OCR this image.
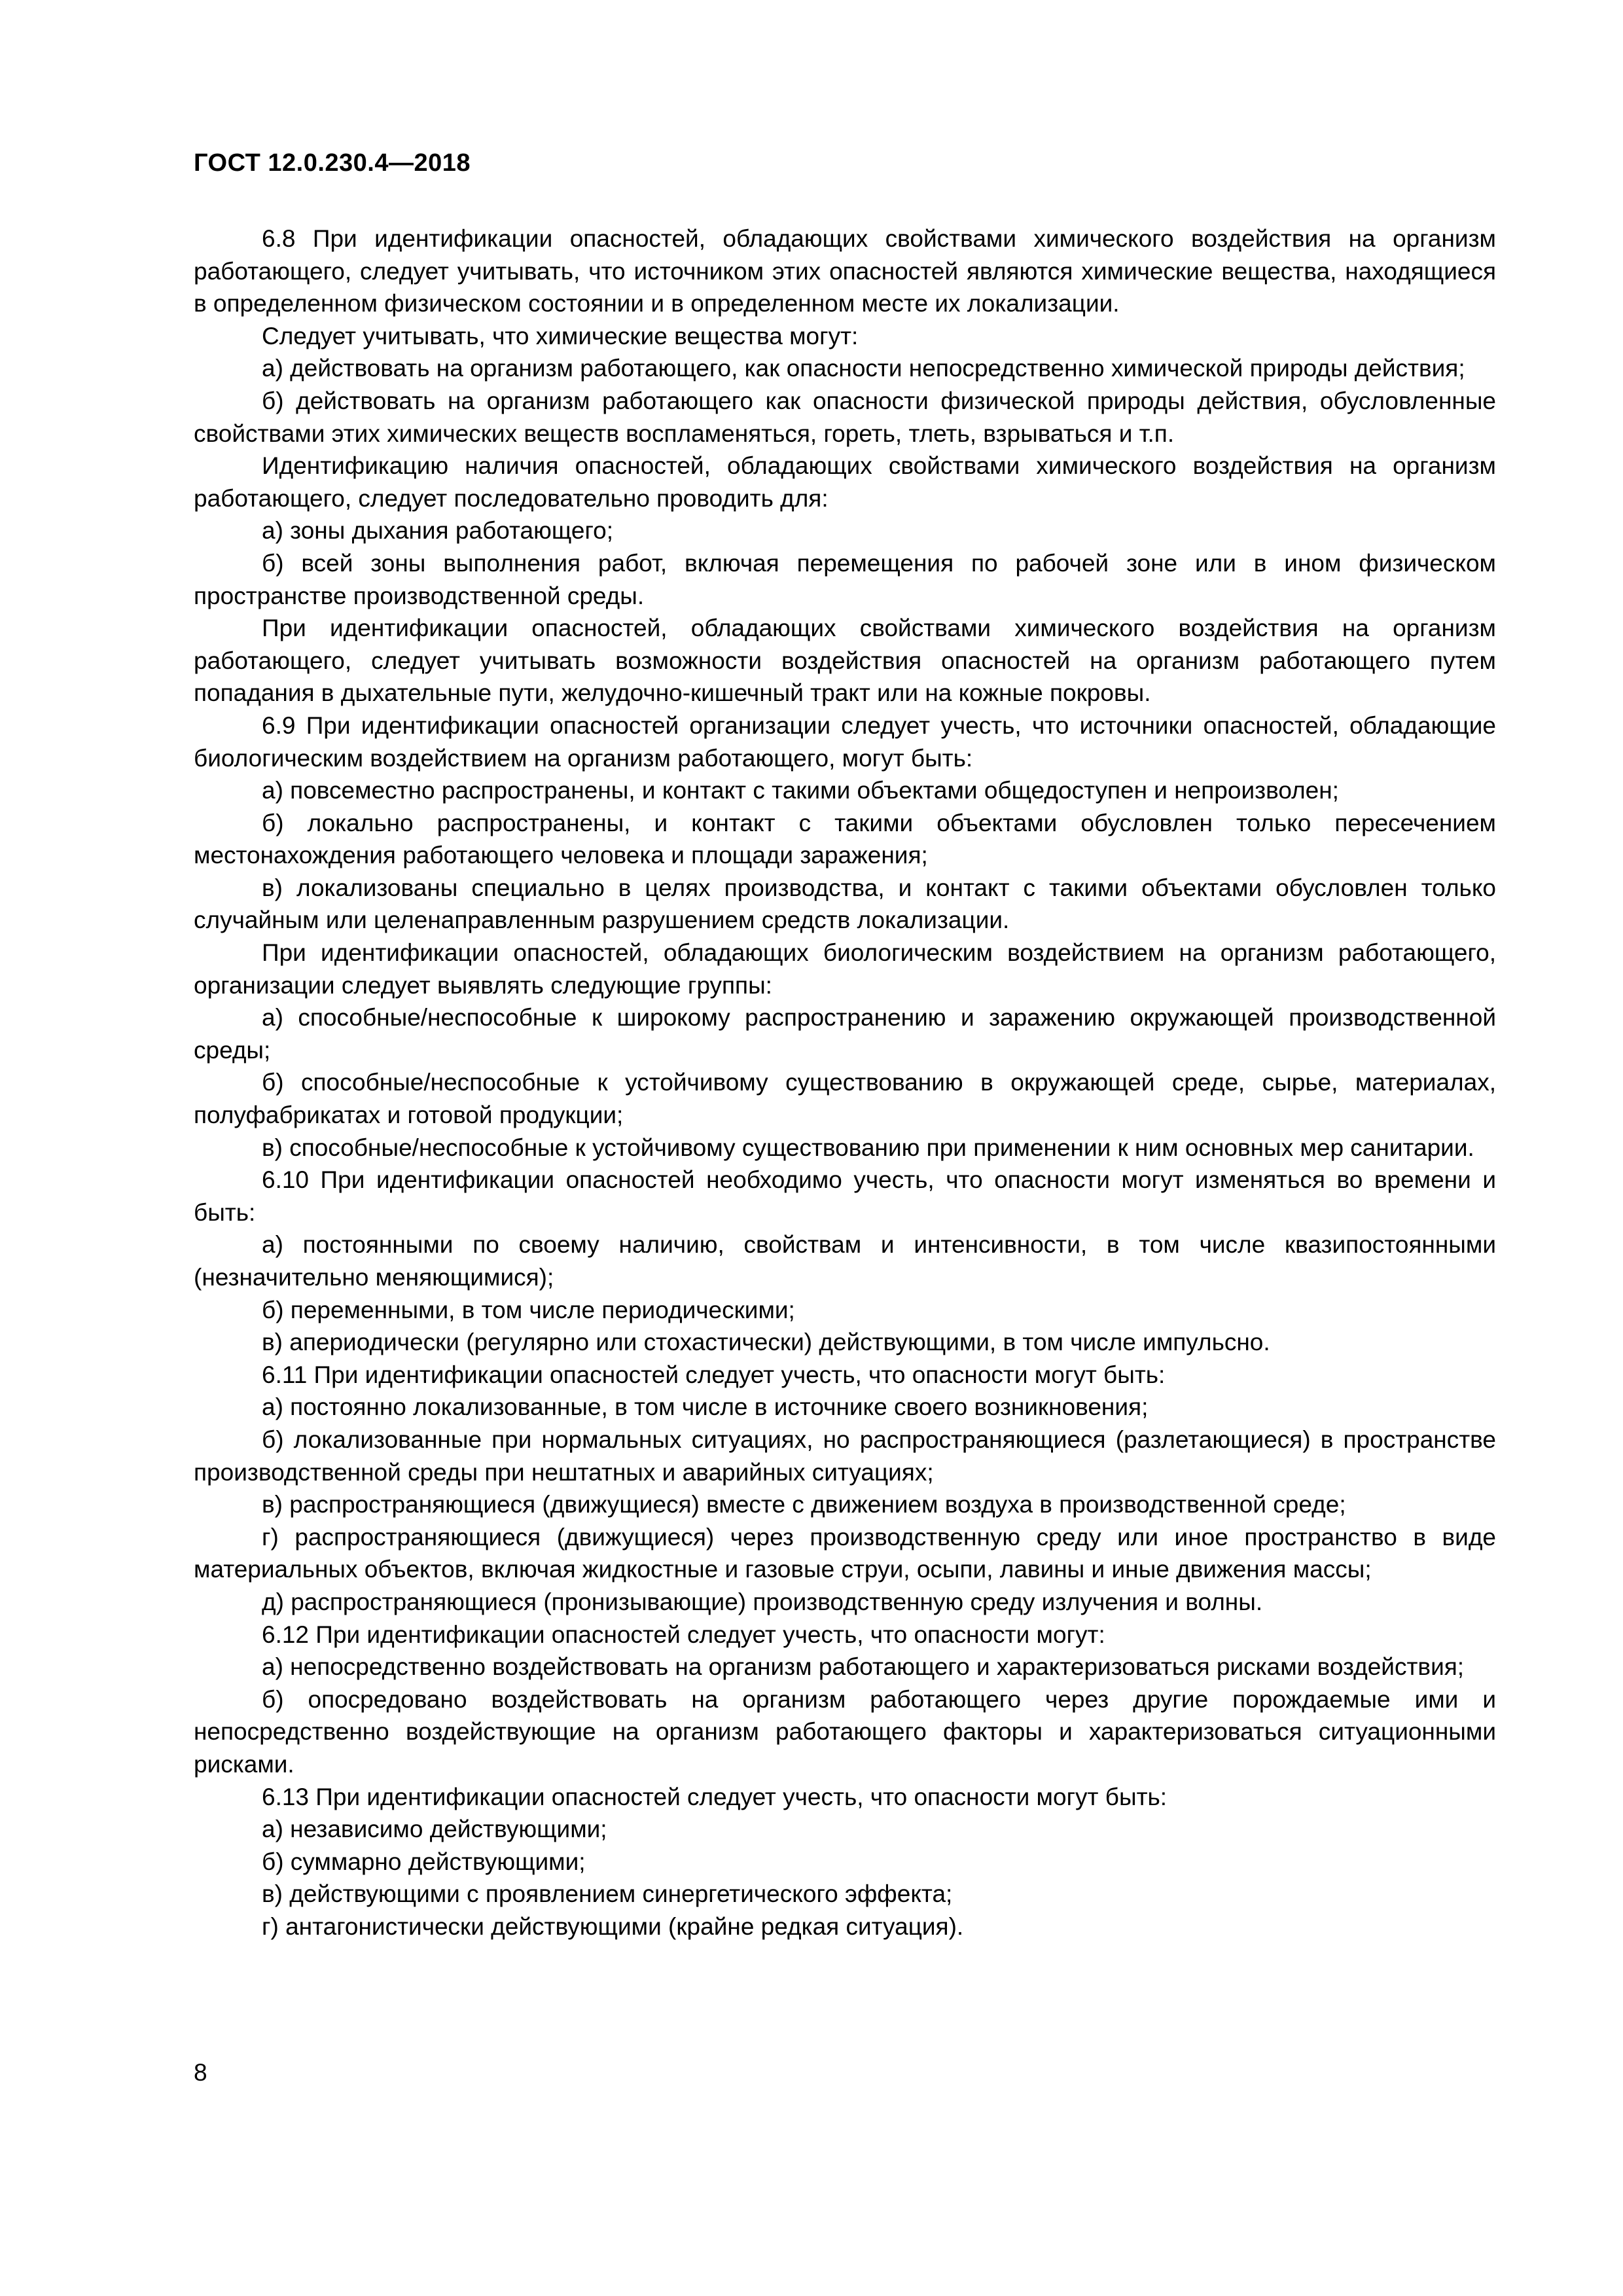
ГОСТ 12.0.230.4—2018

6.8 При идентификации опасностей, обладающих свойствами химического воздействия на организм работающего, следует учитывать, что источником этих опасностей являются химические вещества, находящиеся в определенном физическом состоянии и в определенном месте их локализации.

Следует учитывать, что химические вещества могут:

а) действовать на организм работающего, как опасности непосредственно химической природы действия;

б) действовать на организм работающего как опасности физической природы действия, обусловленные свойствами этих химических веществ воспламеняться, гореть, тлеть, взрываться и т.п.

Идентификацию наличия опасностей, обладающих свойствами химического воздействия на организм работающего, следует последовательно проводить для:

а) зоны дыхания работающего;

б) всей зоны выполнения работ, включая перемещения по рабочей зоне или в ином физическом пространстве производственной среды.

При идентификации опасностей, обладающих свойствами химического воздействия на организм работающего, следует учитывать возможности воздействия опасностей на организм работающего путем попадания в дыхательные пути, желудочно-кишечный тракт или на кожные покровы.

6.9 При идентификации опасностей организации следует учесть, что источники опасностей, обладающие биологическим воздействием на организм работающего, могут быть:

а) повсеместно распространены, и контакт с такими объектами общедоступен и непроизволен;

б) локально распространены, и контакт с такими объектами обусловлен только пересечением местонахождения работающего человека и площади заражения;

в) локализованы специально в целях производства, и контакт с такими объектами обусловлен только случайным или целенаправленным разрушением средств локализации.

При идентификации опасностей, обладающих биологическим воздействием на организм работающего, организации следует выявлять следующие группы:

а) способные/неспособные к широкому распространению и заражению окружающей производственной среды;

б) способные/неспособные к устойчивому существованию в окружающей среде, сырье, материалах, полуфабрикатах и готовой продукции;

в) способные/неспособные к устойчивому существованию при применении к ним основных мер санитарии.

6.10 При идентификации опасностей необходимо учесть, что опасности могут изменяться во времени и быть:

а) постоянными по своему наличию, свойствам и интенсивности, в том числе квазипостоянными (незначительно меняющимися);

б) переменными, в том числе периодическими;

в) апериодически (регулярно или стохастически) действующими, в том числе импульсно.

6.11 При идентификации опасностей следует учесть, что опасности могут быть:

а) постоянно локализованные, в том числе в источнике своего возникновения;

б) локализованные при нормальных ситуациях, но распространяющиеся (разлетающиеся) в пространстве производственной среды при нештатных и аварийных ситуациях;

в) распространяющиеся (движущиеся) вместе с движением воздуха в производственной среде;

г) распространяющиеся (движущиеся) через производственную среду или иное пространство в виде материальных объектов, включая жидкостные и газовые струи, осыпи, лавины и иные движения массы;

д) распространяющиеся (пронизывающие) производственную среду излучения и волны.

6.12 При идентификации опасностей следует учесть, что опасности могут:

а) непосредственно воздействовать на организм работающего и характеризоваться рисками воздействия;

б) опосредовано воздействовать на организм работающего через другие порождаемые ими и непосредственно воздействующие на организм работающего факторы и характеризоваться ситуационными рисками.

6.13 При идентификации опасностей следует учесть, что опасности могут быть:

а) независимо действующими;

б) суммарно действующими;

в) действующими с проявлением синергетического эффекта;

г) антагонистически действующими (крайне редкая ситуация).

8
